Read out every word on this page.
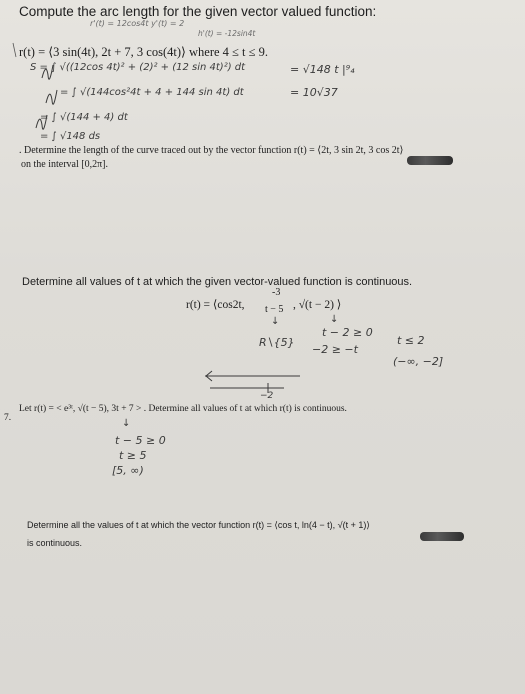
Compute the arc length for the given vector valued function:
r'(t) = 12cos4t y'(t) = 2
h'(t) = -12sin4t
r(t) = ⟨3 sin(4t), 2t + 7, 3 cos(4t)⟩ where 4 ≤ t ≤ 9.
S = ∫ √((12cos 4t)² + (2)² + (12 sin 4t)²) dt
= ∫ √(144cos²4t + 4 + 144 sin 4t) dt
= ∫ √(144 + 4) dt
= ∫ √148 ds
= √148 t |⁹₄
= 10√37
. Determine the length of the curve traced out by the vector function r(t) = ⟨2t, 3 sin 2t, 3 cos 2t⟩
on the interval [0,2π].
Determine all values of t at which the given vector-valued function is continuous.
r(t) = ⟨cos2t,
-3
t − 5 , √(t − 2) ⟩
↓	↓
R∖{5}
t − 2 ≥ 0
−2 ≥ −t
t ≤ 2
(−∞, −2]
−2
7.
Let r(t) = < e³ᵗ, √(t − 5), 3t + 7 > . Determine all values of t at which r(t) is continuous.
↓
t − 5 ≥ 0
t ≥ 5
[5, ∞)
Determine all the values of t at which the vector function r(t) = ⟨cos t, ln(4 − t), √(t + 1)⟩
is continuous.
